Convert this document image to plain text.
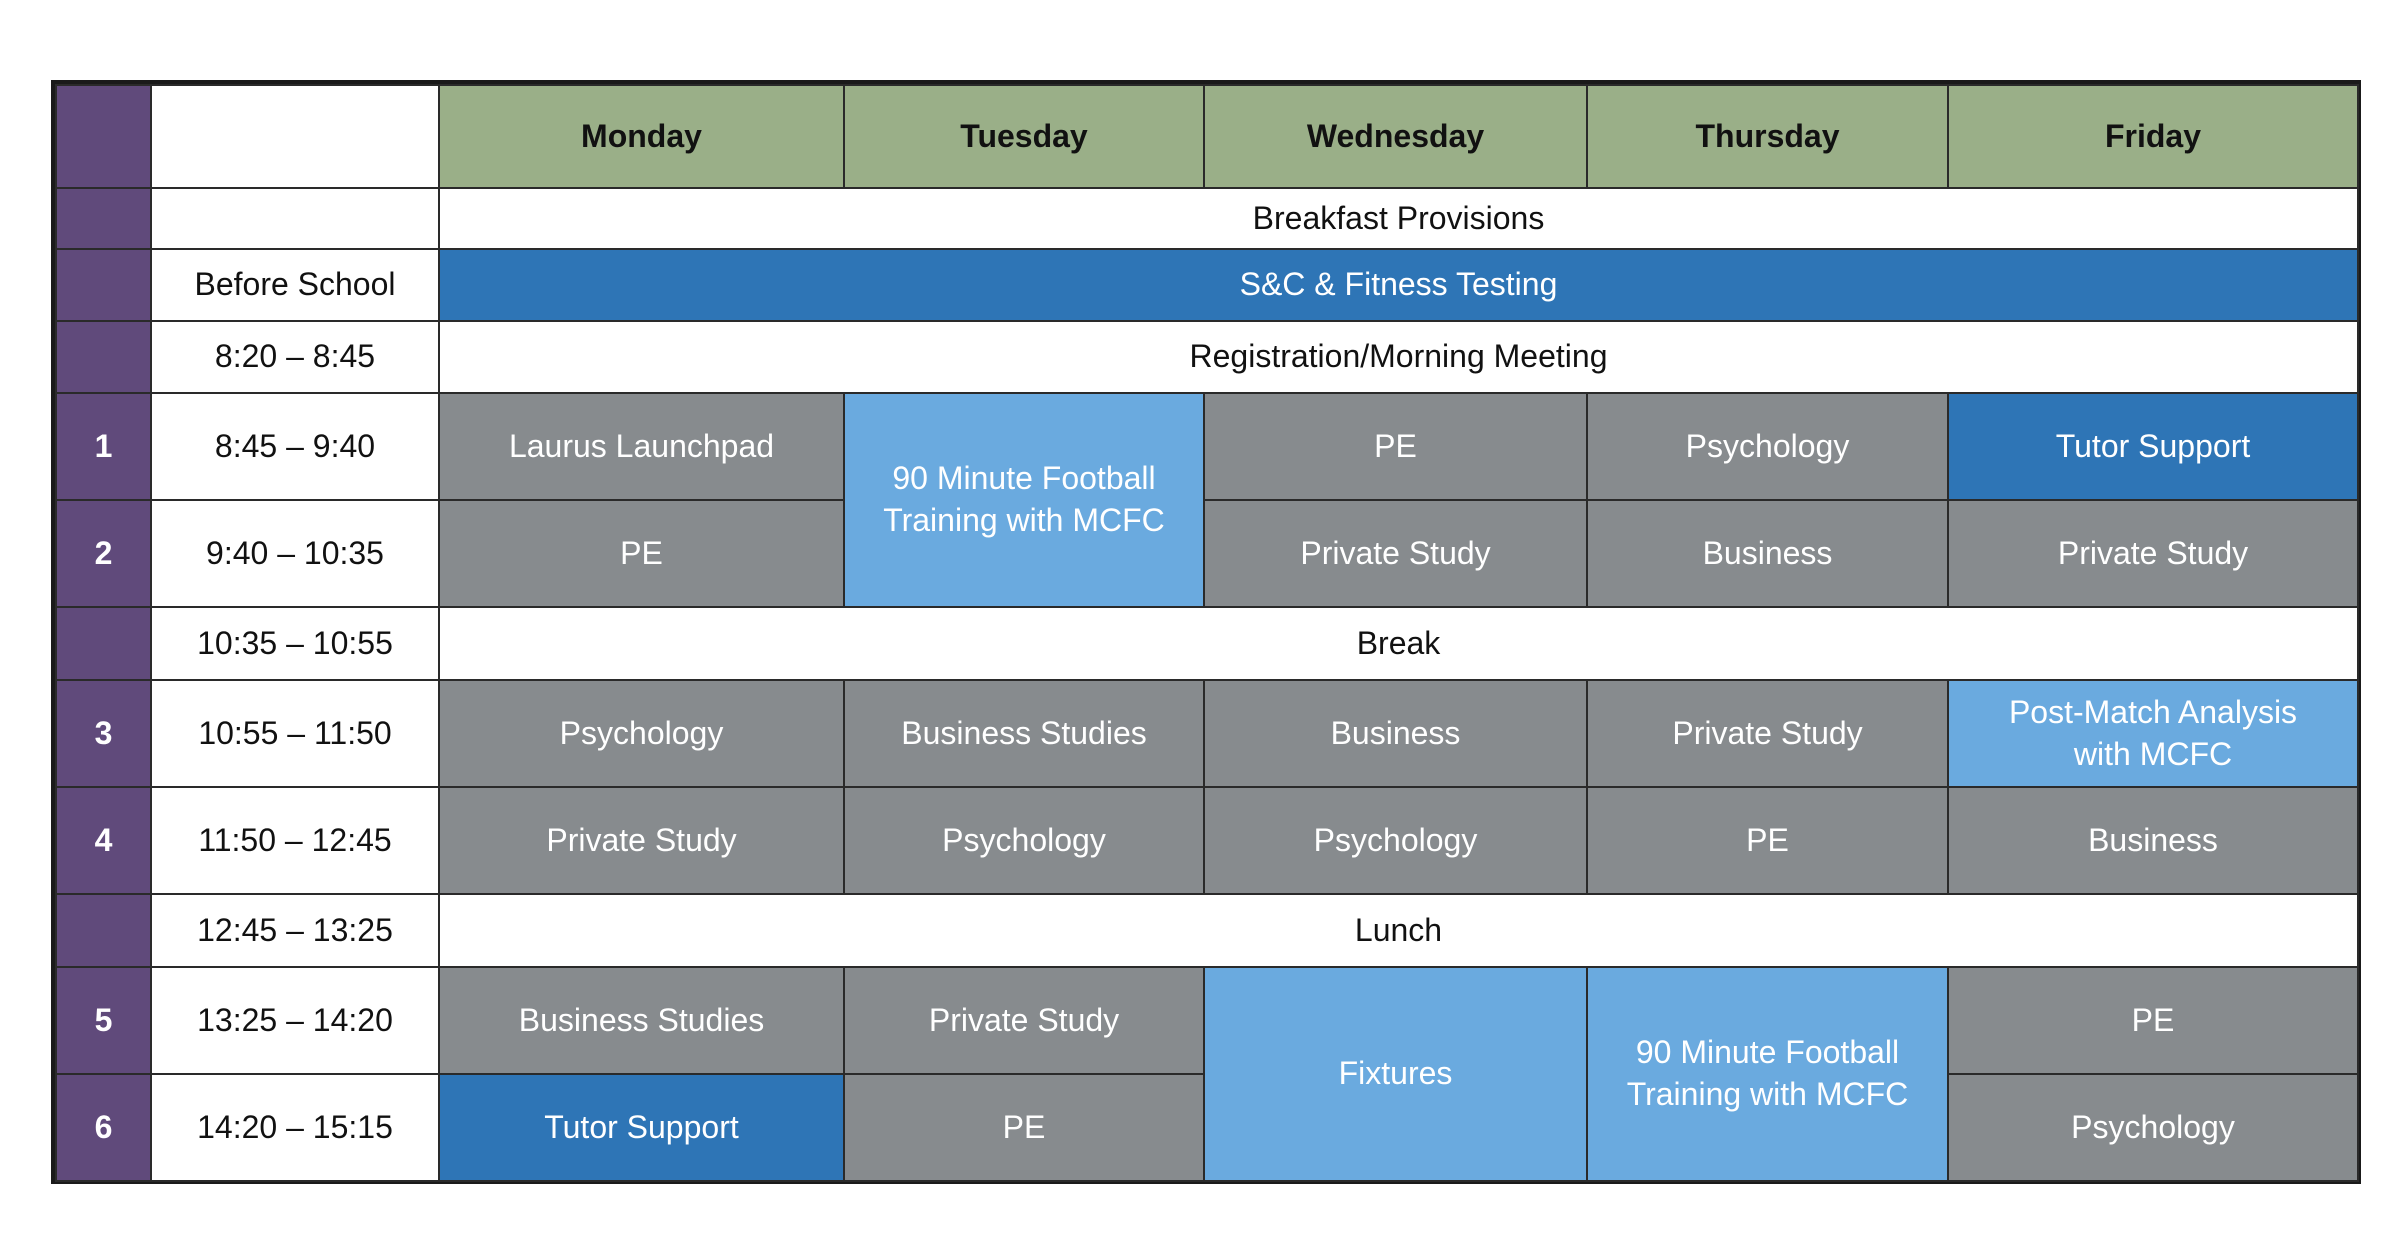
		Monday	Tuesday	Wednesday	Thursday	Friday
		Breakfast Provisions				
	Before School	S&C & Fitness Testing				
	8:20 – 8:45	Registration/Morning Meeting				
1	8:45 – 9:40	Laurus Launchpad	90 Minute Football Training with MCFC	PE	Psychology	Tutor Support
2	9:40 – 10:35	PE		Private Study	Business	Private Study
	10:35 – 10:55	Break				
3	10:55 – 11:50	Psychology	Business Studies	Business	Private Study	Post-Match Analysis with MCFC
4	11:50 – 12:45	Private Study	Psychology	Psychology	PE	Business
	12:45 – 13:25	Lunch				
5	13:25 – 14:20	Business Studies	Private Study	Fixtures	90 Minute Football Training with MCFC	PE
6	14:20 – 15:15	Tutor Support	PE			Psychology
